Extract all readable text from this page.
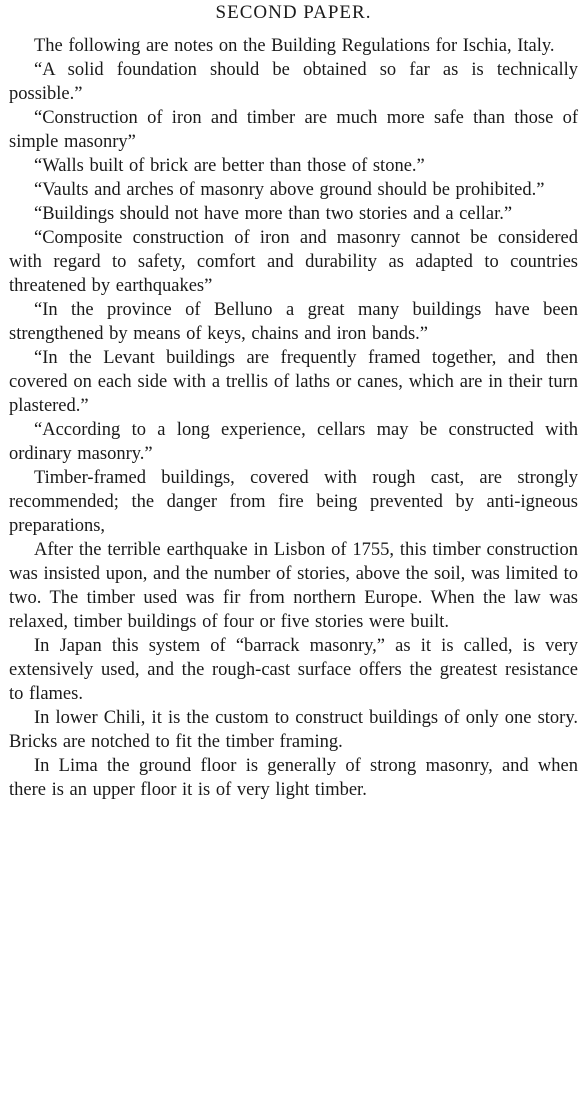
SECOND PAPER.

The following are notes on the Building Regulations for Ischia, Italy.

“A solid foundation should be obtained so far as is technically possible.”

“Construction of iron and timber are much more safe than those of simple masonry”

“Walls built of brick are better than those of stone.”

“Vaults and arches of masonry above ground should be prohibited.”

“Buildings should not have more than two stories and a cellar.”

“Composite construction of iron and masonry cannot be considered with regard to safety, comfort and durability as adapted to countries threatened by earthquakes”

“In the province of Belluno a great many buildings have been strengthened by means of keys, chains and iron bands.”

“In the Levant buildings are frequently framed together, and then covered on each side with a trellis of laths or canes, which are in their turn plastered.”

“According to a long experience, cellars may be constructed with ordinary masonry.”

Timber-framed buildings, covered with rough cast, are strongly recommended; the danger from fire being prevented by anti-igneous preparations,

After the terrible earthquake in Lisbon of 1755, this timber construction was insisted upon, and the number of stories, above the soil, was limited to two. The timber used was fir from northern Europe. When the law was relaxed, timber buildings of four or five stories were built.

In Japan this system of “barrack masonry,” as it is called, is very extensively used, and the rough-cast surface offers the greatest resistance to flames.

In lower Chili, it is the custom to construct buildings of only one story. Bricks are notched to fit the timber framing.

In Lima the ground floor is generally of strong masonry, and when there is an upper floor it is of very light timber.
